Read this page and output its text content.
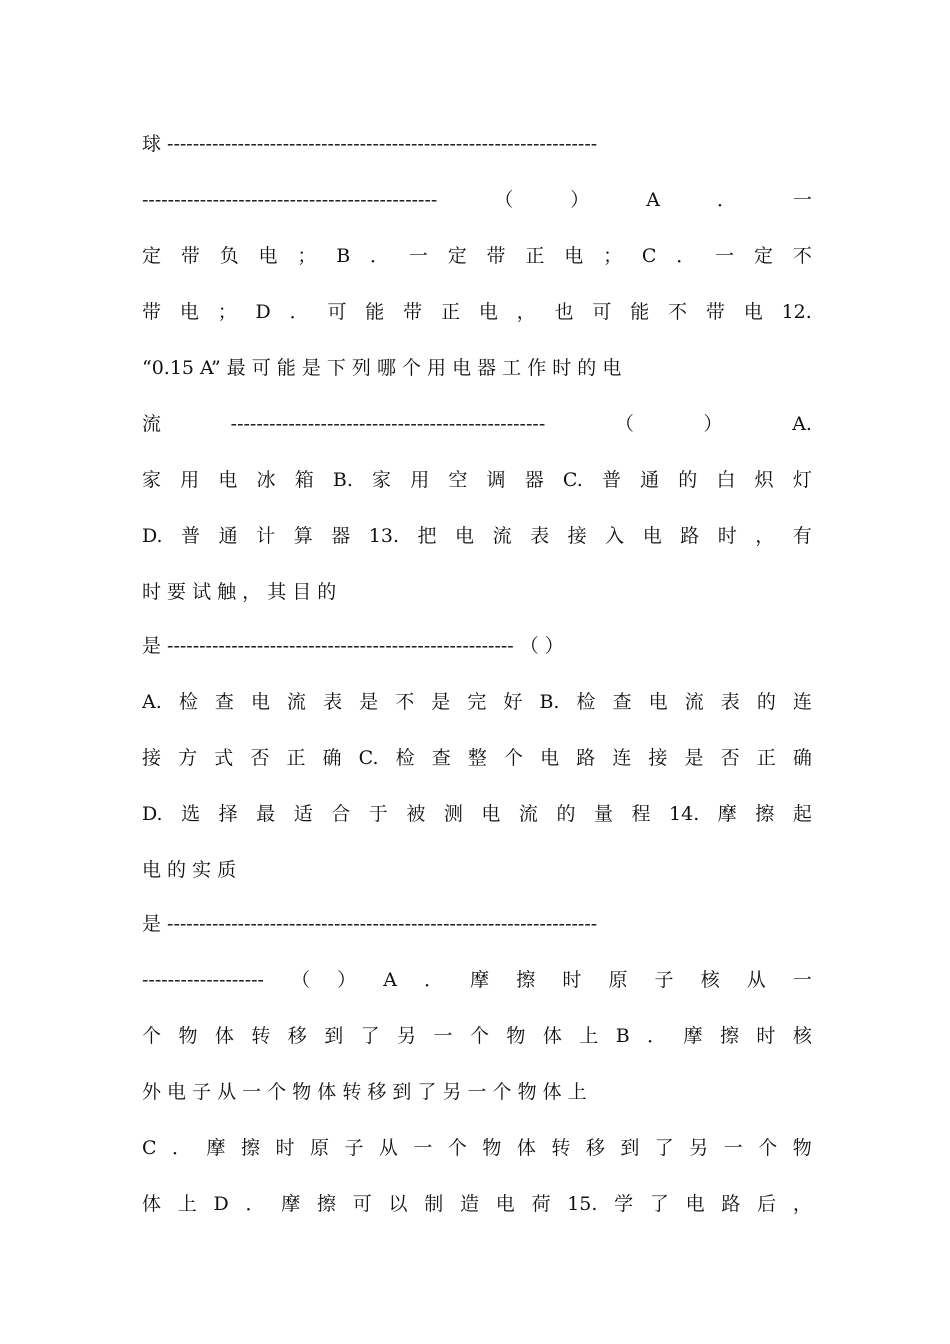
球 -------------------------------------------------------------------
----------------------------------------------	（	）	A	．	一
定 带 负 电 ； B ． 一 定 带 正 电 ； C ． 一 定 不
带 电 ； D ． 可 能 带 正 电 ， 也 可 能 不 带 电 12.
“0.15 A” 最 可 能 是 下 列 哪 个 用 电 器 工 作 时 的 电
流	-------------------------------------------------	（	）	A.
家 用 电 冰 箱 B. 家 用 空 调 器 C. 普 通 的 白 炽 灯
D. 普 通 计 算 器 13. 把 电 流 表 接 入 电 路 时 ， 有
时 要 试 触 ， 其 目 的
是 ------------------------------------------------------ （ ）
A. 检 查 电 流 表 是 不 是 完 好 B. 检 查 电 流 表 的 连
接 方 式 否 正 确 C. 检 查 整 个 电 路 连 接 是 否 正 确
D. 选 择 最 适 合 于 被 测 电 流 的 量 程 14. 摩 擦 起
电 的 实 质
是 -------------------------------------------------------------------
------------------- （ ） A ． 摩 擦 时 原 子 核 从 一
个 物 体 转 移 到 了 另 一 个 物 体 上 B ． 摩 擦 时 核
外 电 子 从 一 个 物 体 转 移 到 了 另 一 个 物 体 上
C ． 摩 擦 时 原 子 从 一 个 物 体 转 移 到 了 另 一 个 物
体 上 D ． 摩 擦 可 以 制 造 电 荷 15. 学 了 电 路 后 ，
